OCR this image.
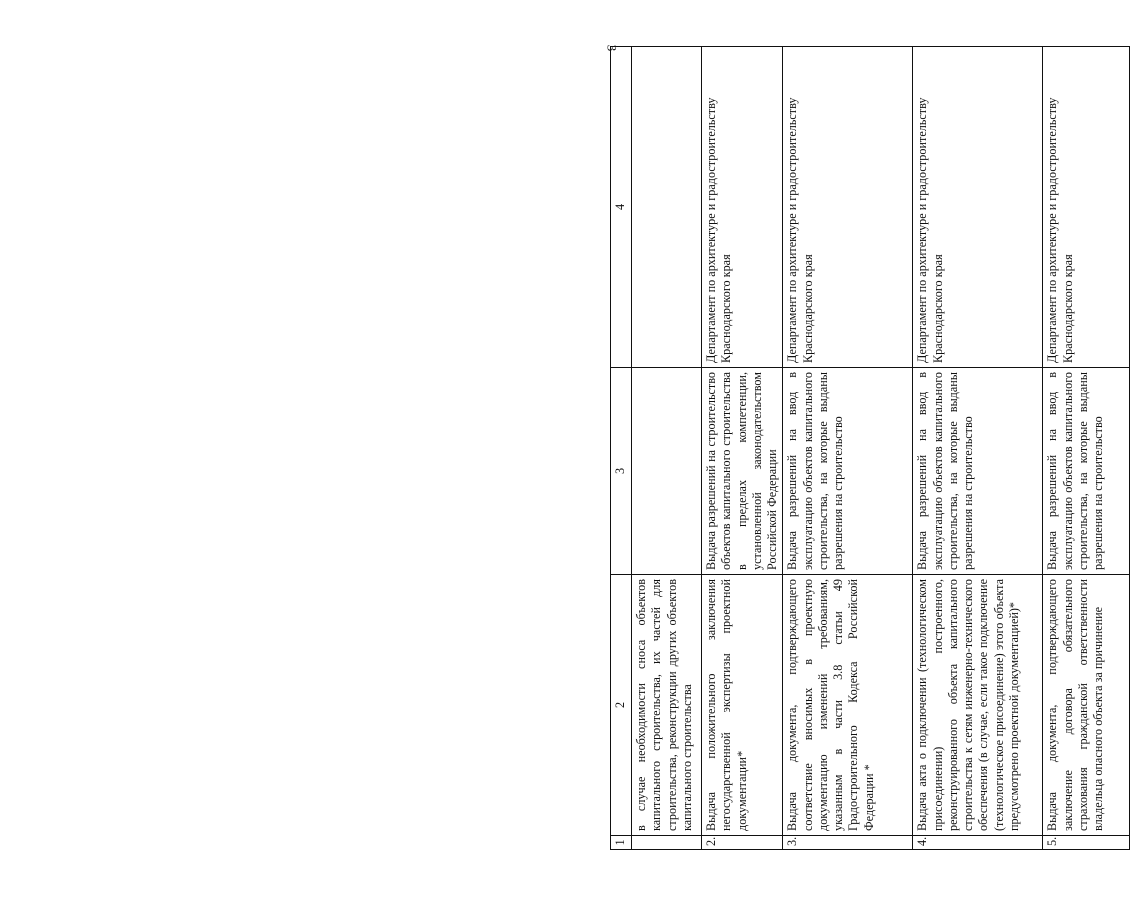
3
1	2	3	4
	в случае необходимости сноса объектов капитального строительства, их частей для строительства, реконструкции других объектов капитального строительства		
2.	Выдача положительного заключения негосударственной экспертизы проектной документации*	Выдача разрешений на строительство объектов капитального строительства в пределах компетенции, установленной законодательством Российской Федерации	Департамент по архитектуре и градостроительству Краснодарского края
3.	Выдача документа, подтверждающего соответствие вносимых в проектную документацию изменений требованиям, указанным в части 3.8 статьи 49 Градостроительного Кодекса Российской Федерации *	Выдача разрешений на ввод в эксплуатацию объектов капитального строительства, на которые выданы разрешения на строительство	Департамент по архитектуре и градостроительству Краснодарского края
4.	Выдача акта о подключении (технологическом присоединении) построенного, реконструированного объекта капитального строительства к сетям инженерно-технического обеспечения (в случае, если такое подключение (технологическое присоединение) этого объекта предусмотрено проектной документацией)*	Выдача разрешений на ввод в эксплуатацию объектов капитального строительства, на которые выданы разрешения на строительство	Департамент по архитектуре и градостроительству Краснодарского края
5.	Выдача документа, подтверждающего заключение договора обязательного страхования гражданской ответственности владельца опасного объекта за причинение	Выдача разрешений на ввод в эксплуатацию объектов капитального строительства, на которые выданы разрешения на строительство	Департамент по архитектуре и градостроительству Краснодарского края
